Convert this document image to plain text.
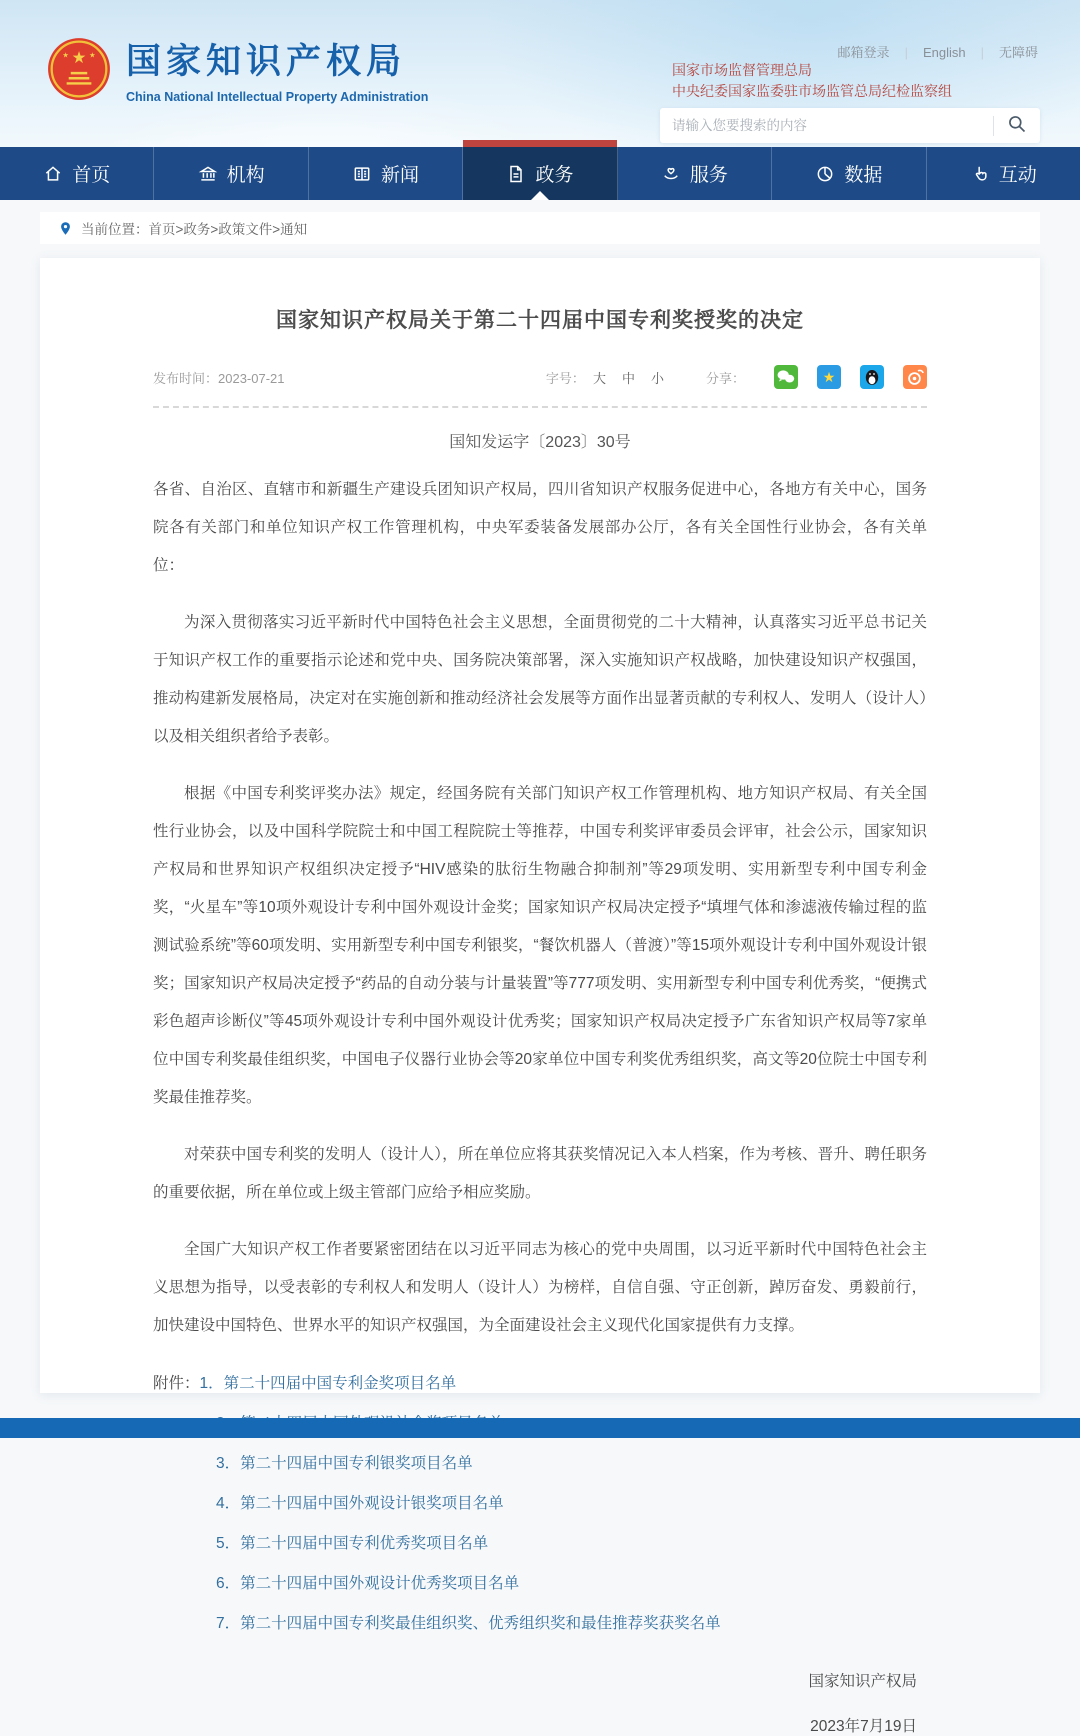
★
★	★ 国家知识产权局
China National Intellectual Property Administration
邮箱登录 | English | 无障碍
国家市场监督管理总局
中央纪委国家监委驻市场监管总局纪检监察组
请输入您要搜索的内容
首页	机构	新闻	政务	服务	数据	互动
当前位置： 首页>政务>政策文件>通知
国家知识产权局关于第二十四届中国专利奖授奖的决定
发布时间：2023-07-21	字号： 大 中 小	分享：	★
国知发运字〔2023〕30号

各省、自治区、直辖市和新疆生产建设兵团知识产权局，四川省知识产权服务促进中心，各地方有关中心，国务院各有关部门和单位知识产权工作管理机构，中央军委装备发展部办公厅，各有关全国性行业协会，各有关单位：

为深入贯彻落实习近平新时代中国特色社会主义思想，全面贯彻党的二十大精神，认真落实习近平总书记关于知识产权工作的重要指示论述和党中央、国务院决策部署，深入实施知识产权战略，加快建设知识产权强国，推动构建新发展格局，决定对在实施创新和推动经济社会发展等方面作出显著贡献的专利权人、发明人（设计人）以及相关组织者给予表彰。

根据《中国专利奖评奖办法》规定，经国务院有关部门知识产权工作管理机构、地方知识产权局、有关全国性行业协会，以及中国科学院院士和中国工程院院士等推荐，中国专利奖评审委员会评审，社会公示，国家知识产权局和世界知识产权组织决定授予“HIV感染的肽衍生物融合抑制剂”等29项发明、实用新型专利中国专利金奖，“火星车”等10项外观设计专利中国外观设计金奖；国家知识产权局决定授予“填埋气体和渗滤液传输过程的监测试验系统”等60项发明、实用新型专利中国专利银奖，“餐饮机器人（普渡）”等15项外观设计专利中国外观设计银奖；国家知识产权局决定授予“药品的自动分装与计量装置”等777项发明、实用新型专利中国专利优秀奖，“便携式彩色超声诊断仪”等45项外观设计专利中国外观设计优秀奖；国家知识产权局决定授予广东省知识产权局等7家单位中国专利奖最佳组织奖，中国电子仪器行业协会等20家单位中国专利奖优秀组织奖，高文等20位院士中国专利奖最佳推荐奖。

对荣获中国专利奖的发明人（设计人），所在单位应将其获奖情况记入本人档案，作为考核、晋升、聘任职务的重要依据，所在单位或上级主管部门应给予相应奖励。

全国广大知识产权工作者要紧密团结在以习近平同志为核心的党中央周围，以习近平新时代中国特色社会主义思想为指导，以受表彰的专利权人和发明人（设计人）为榜样，自信自强、守正创新，踔厉奋发、勇毅前行，加快建设中国特色、世界水平的知识产权强国，为全面建设社会主义现代化国家提供有力支撑。

附件：1．第二十四届中国专利金奖项目名单
3．第二十四届中国专利银奖项目名单
4．第二十四届中国外观设计银奖项目名单
5．第二十四届中国专利优秀奖项目名单
6．第二十四届中国外观设计优秀奖项目名单
7．第二十四届中国专利奖最佳组织奖、优秀组织奖和最佳推荐奖获奖名单
国家知识产权局
2023年7月19日
